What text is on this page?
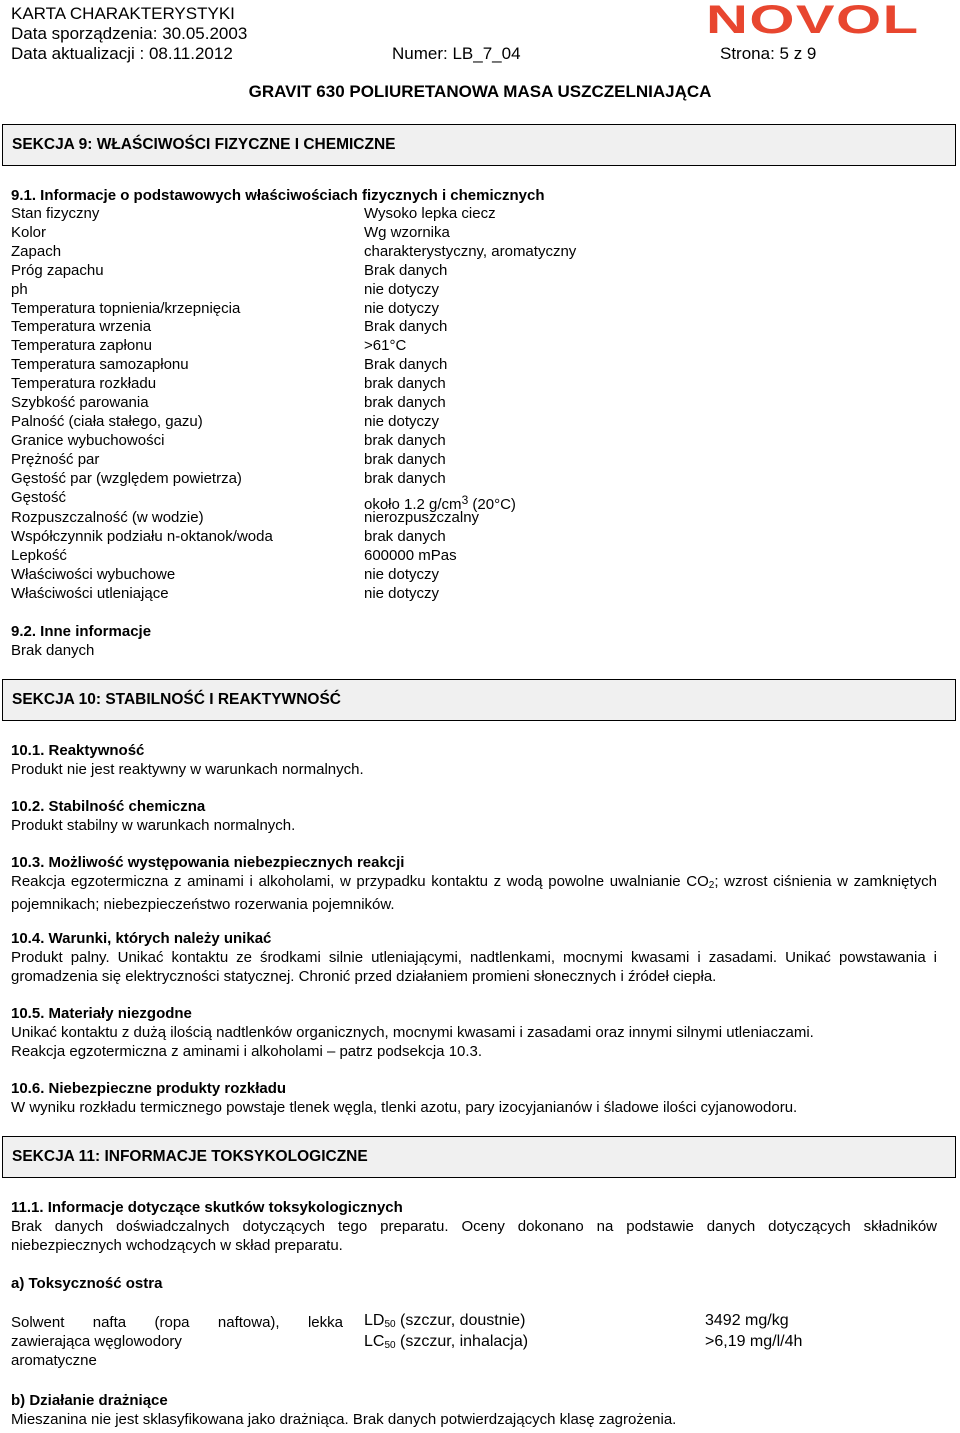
KARTA CHARAKTERYSTYKI
Data sporządzenia: 30.05.2003
Data aktualizacji : 08.11.2012	Numer: LB_7_04	Strona: 5 z 9
NOVOL
GRAVIT 630 POLIURETANOWA MASA USZCZELNIAJĄCA
SEKCJA 9: WŁAŚCIWOŚCI FIZYCZNE I CHEMICZNE
9.1. Informacje o podstawowych właściwościach fizycznych i chemicznych
Stan fizyczny	Wysoko lepka ciecz
Kolor	Wg wzornika
Zapach	charakterystyczny, aromatyczny
Próg zapachu	Brak danych
ph	nie dotyczy
Temperatura topnienia/krzepnięcia	nie dotyczy
Temperatura wrzenia	Brak danych
Temperatura zapłonu	>61°C
Temperatura samozapłonu	Brak danych
Temperatura rozkładu	brak danych
Szybkość parowania	brak danych
Palność (ciała stałego, gazu)	nie dotyczy
Granice wybuchowości	brak danych
Prężność par	brak danych
Gęstość par (względem powietrza)	brak danych
Gęstość	około 1.2 $g/cm^3$ (20°C)
Rozpuszczalność (w wodzie)	nierozpuszczalny
Współczynnik podziału n-oktanok/woda	brak danych
Lepkość	600000 mPas
Właściwości wybuchowe	nie dotyczy
Właściwości utleniające	nie dotyczy
9.2. Inne informacje
Brak danych
SEKCJA 10: STABILNOŚĆ I REAKTYWNOŚĆ
10.1. Reaktywność
Produkt nie jest reaktywny w warunkach normalnych.
10.2. Stabilność chemiczna
Produkt stabilny w warunkach normalnych.
10.3. Możliwość występowania niebezpiecznych reakcji
Reakcja egzotermiczna z aminami i alkoholami, w przypadku kontaktu z wodą powolne uwalnianie $CO_2$; wzrost ciśnienia w zamkniętych pojemnikach; niebezpieczeństwo rozerwania pojemników.
10.4. Warunki, których należy unikać
Produkt palny. Unikać kontaktu ze środkami silnie utleniającymi, nadtlenkami, mocnymi kwasami i zasadami. Unikać powstawania i gromadzenia się elektryczności statycznej. Chronić przed działaniem promieni słonecznych i źródeł ciepła.
10.5. Materiały niezgodne
Unikać kontaktu z dużą ilością nadtlenków organicznych, mocnymi kwasami i zasadami oraz innymi silnymi utleniaczami.
Reakcja egzotermiczna z aminami i alkoholami – patrz podsekcja 10.3.
10.6. Niebezpieczne produkty rozkładu
W wyniku rozkładu termicznego powstaje tlenek węgla, tlenki azotu, pary izocyjanianów i śladowe ilości cyjanowodoru.
SEKCJA 11: INFORMACJE TOKSYKOLOGICZNE
11.1. Informacje dotyczące skutków toksykologicznych
Brak danych doświadczalnych dotyczących tego preparatu. Oceny dokonano na podstawie danych dotyczących składników niebezpiecznych wchodzących w skład preparatu.
a) Toksyczność ostra
Solwent nafta (ropa naftowa), lekka
zawierająca węglowodory
aromatyczne
$LD_{50}$ (szczur, doustnie)	3492 mg/kg
$LC_{50}$ (szczur, inhalacja)	>6,19 mg/l/4h
b) Działanie drażniące
Mieszanina nie jest sklasyfikowana jako drażniąca. Brak danych potwierdzających klasę zagrożenia.
